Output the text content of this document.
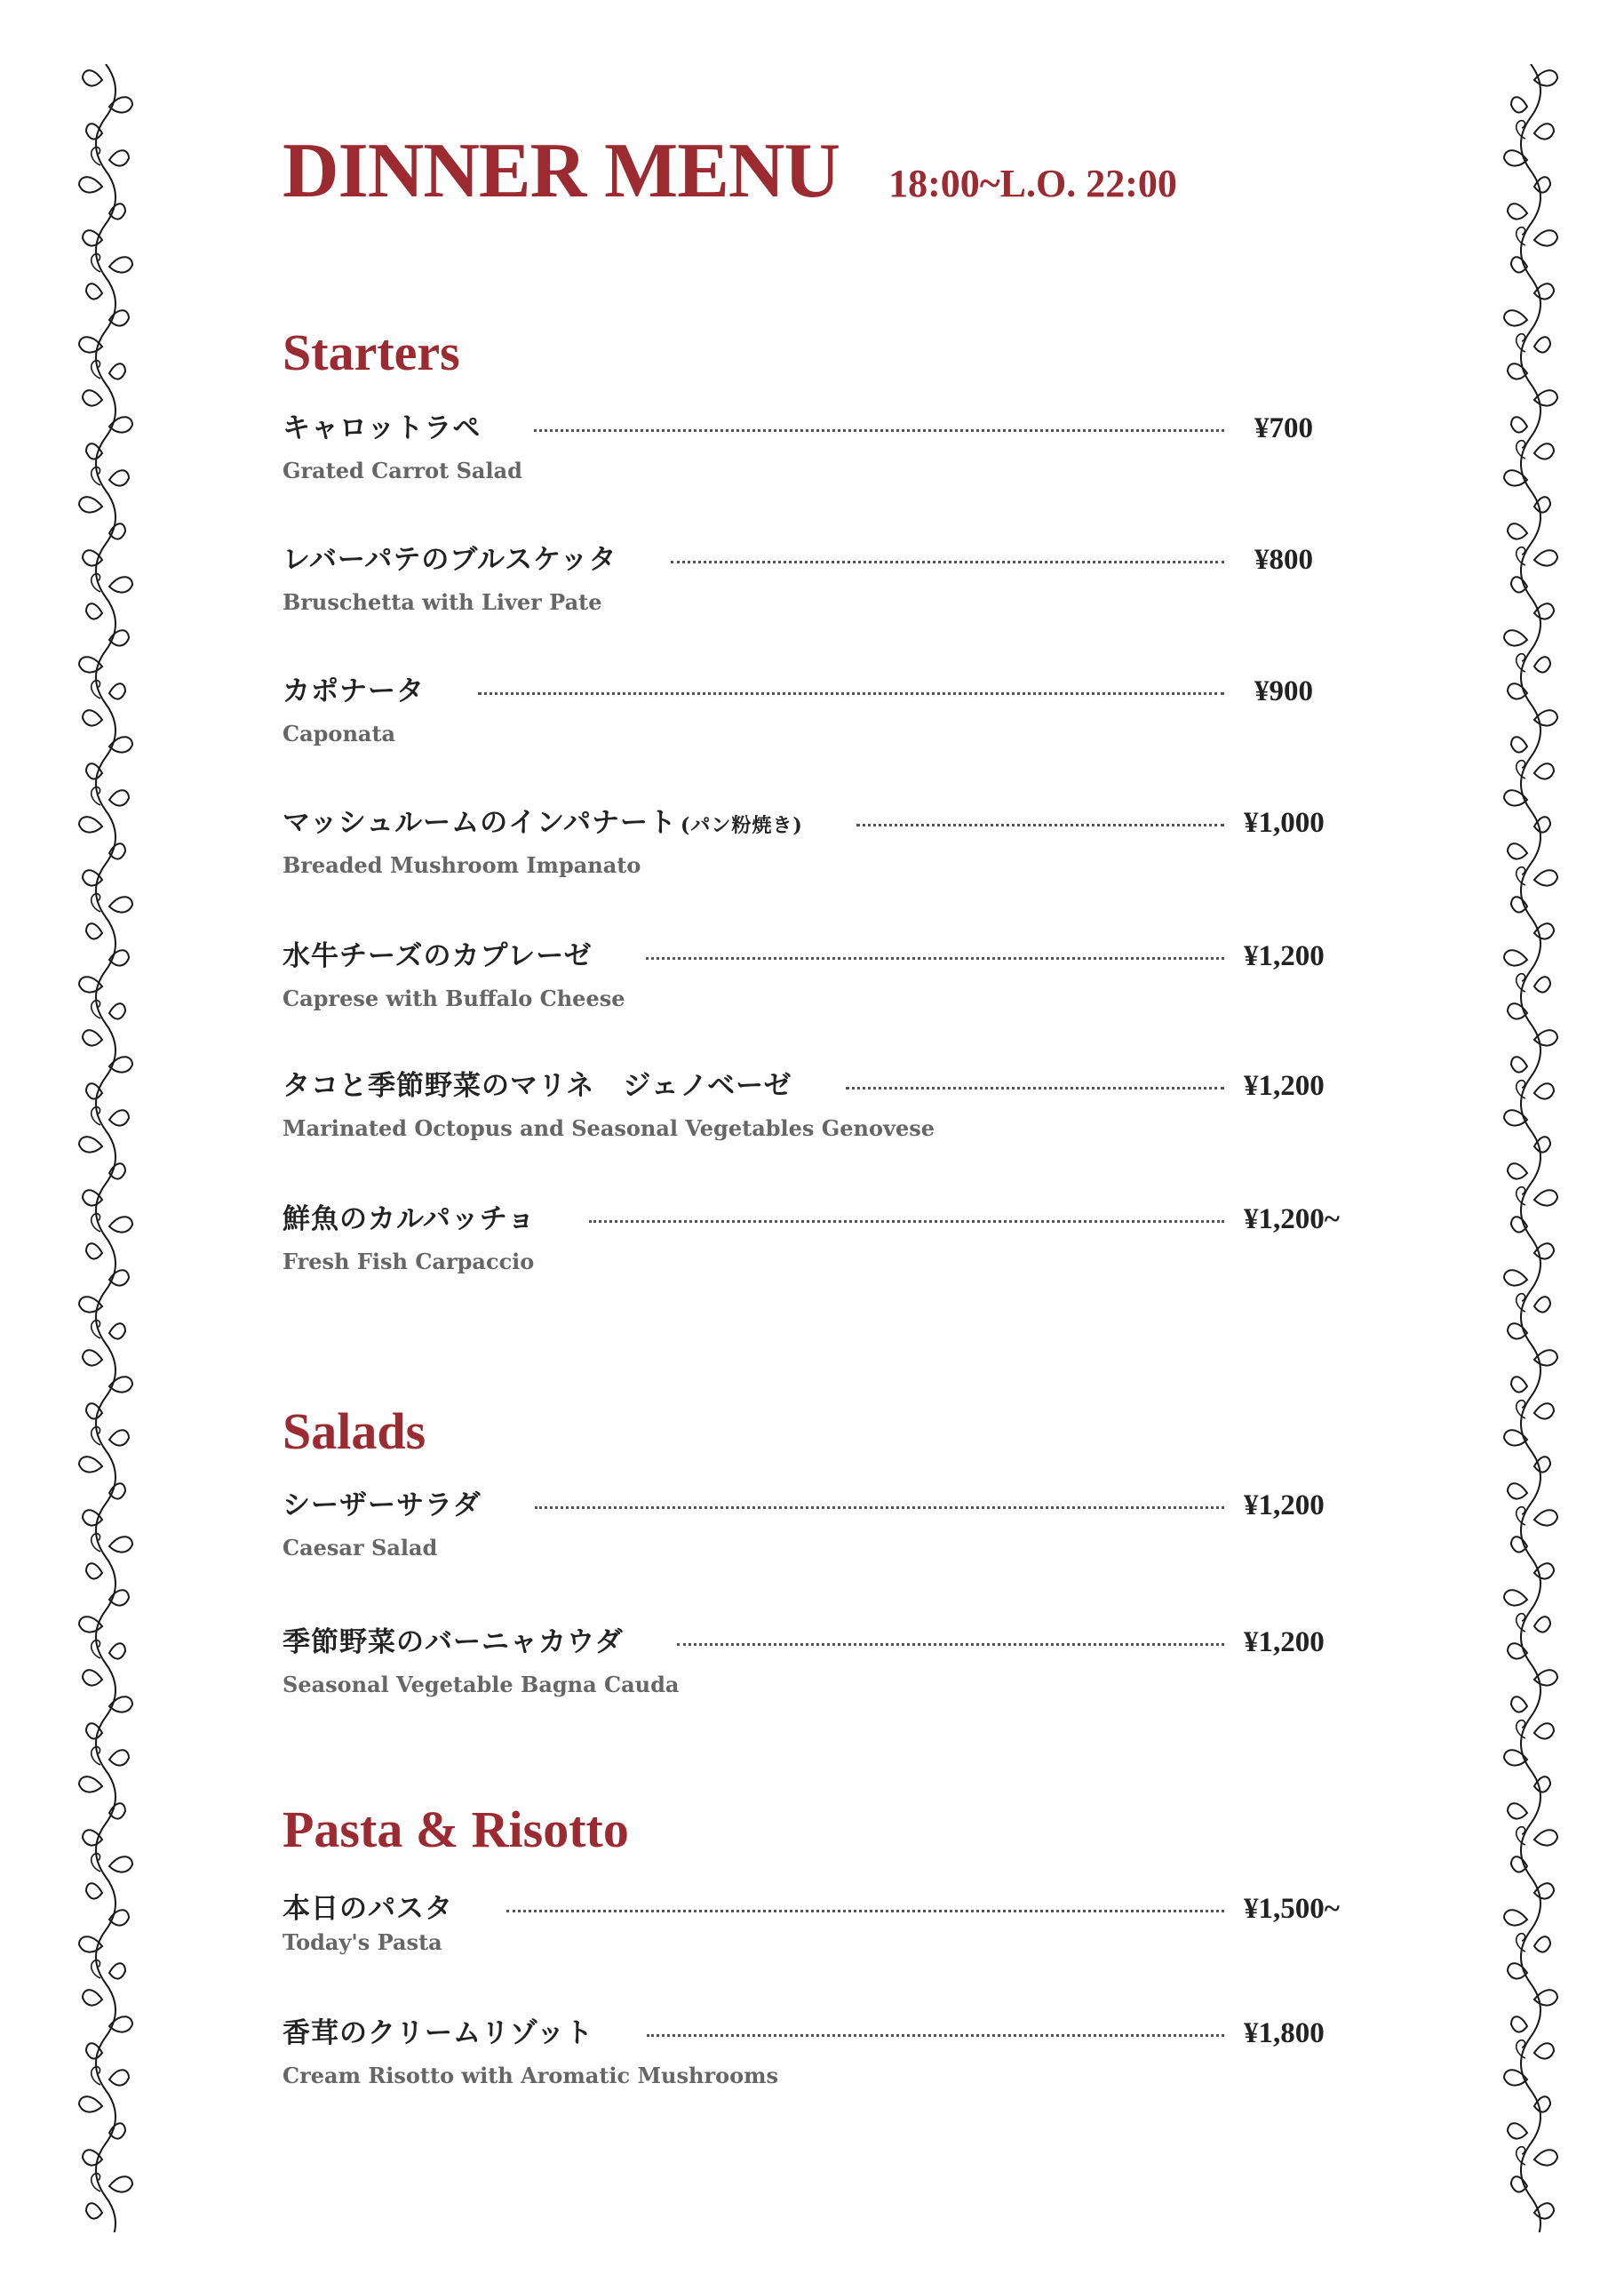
DINNER MENU 18:00~L.O. 22:00
Starters
キャロットラペ	¥700
Grated Carrot Salad
レバーパテのブルスケッタ	¥800
Bruschetta with Liver Pate
カポナータ	¥900
Caponata
マッシュルームのインパナート (パン粉焼き)	¥1,000
Breaded Mushroom Impanato
水牛チーズのカプレーゼ	¥1,200
Caprese with Buffalo Cheese
タコと季節野菜のマリネ　ジェノベーゼ	¥1,200
Marinated Octopus and Seasonal Vegetables Genovese
鮮魚のカルパッチョ	¥1,200~
Fresh Fish Carpaccio
Salads
シーザーサラダ	¥1,200
Caesar Salad
季節野菜のバーニャカウダ	¥1,200
Seasonal Vegetable Bagna Cauda
Pasta & Risotto
本日のパスタ	¥1,500~
Today's Pasta
香茸のクリームリゾット	¥1,800
Cream Risotto with Aromatic Mushrooms
